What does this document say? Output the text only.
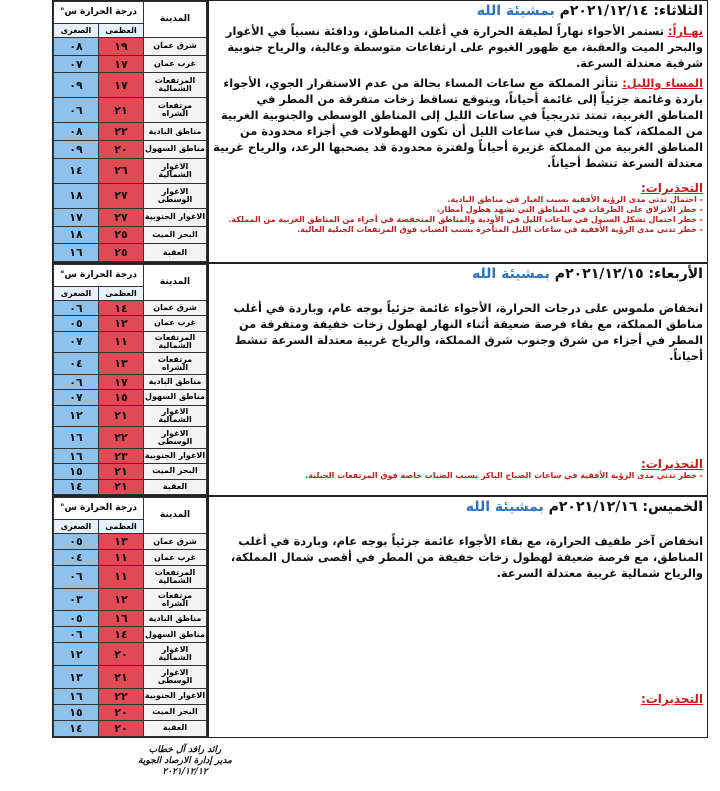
درجة الحرارة س°		المدينة
الصغرى	العظمى	
٠٨	١٩	شرق عمان
٠٧	١٧	غرب عمان
٠٩	١٧	المرتفعات الشمالية
٠٦	٢١	مرتفعات الشراه
٠٨	٢٢	مناطق البادية
٠٩	٢٠	مناطق السهول
١٤	٢٦	الاغوار الشمالية
١٨	٢٧	الاغوار الوسطى
١٧	٢٧	الاغوار الجنوبية
١٨	٢٥	البحر الميت
١٦	٢٥	العقبة
الثلاثاء: ٢٠٢١/١٢/١٤م بمشيئة الله
نهـاراً: تستمر الأجواء نهاراً لطيفة الحرارة في أغلب المناطق، ودافئة نسبياً في الأغوار والبحر الميت والعقبة، مع ظهور الغيوم على ارتفاعات متوسطة وعالية، والرياح جنوبية شرقية معتدلة السرعة.
المساء والليل: تتأثر المملكة مع ساعات المساء بحالة من عدم الاستقرار الجوي، الأجواء باردة وغائمة جزئياً إلى غائمة أحياناً، ويتوقع تساقط زخات متفرقة من المطر في المناطق الغربية، تمتد تدريجياً في ساعات الليل إلى المناطق الوسطى والجنوبية الغربية من المملكة، كما ويحتمل في ساعات الليل أن تكون الهطولات في أجزاء محدودة من المناطق الغربية من المملكة غزيرة أحياناً ولفترة محدودة قد يصحبها الرعد، والرياح غربية معتدلة السرعة تنشط أحياناً.
التحذيرات:
- احتمال تدني مدى الرؤية الأفقية بسبب الغبار في مناطق البادية.
- خطر الانزلاق على الطرقات في المناطق التي تشهد هطول أمطار.
- خطر احتمال تشكل السيول في ساعات الليل في الأودية والمناطق المنخفضة في أجزاء من المناطق الغربية من المملكة.
- خطر تدني مدى الرؤية الأفقية في ساعات الليل المتأخرة بسبب الضباب فوق المرتفعات الجبلية العالية.
درجة الحرارة س°		المدينة
الصغرى	العظمى	
٠٦	١٤	شرق عمان
٠٥	١٢	غرب عمان
٠٧	١١	المرتفعات الشمالية
٠٤	١٣	مرتفعات الشراه
٠٦	١٧	مناطق البادية
٠٧	١٥	مناطق السهول
١٢	٢١	الاغوار الشمالية
١٦	٢٢	الاغوار الوسطى
١٦	٢٣	الاغوار الجنوبية
١٥	٢١	البحر الميت
١٤	٢١	العقبة
الأربعاء: ٢٠٢١/١٢/١٥م بمشيئة الله
انخفاض ملموس على درجات الحرارة، الأجواء غائمة جزئياً بوجه عام، وباردة في أغلب مناطق المملكة، مع بقاء فرصة ضعيفة أثناء النهار لهطول زخات خفيفة ومتفرقة من المطر في أجزاء من شرق وجنوب شرق المملكة، والرياح غربية معتدلة السرعة تنشط أحياناً.
التحذيرات:
- خطر تدني مدى الرؤية الأفقية في ساعات الصباح الباكر بسبب الضباب خاصة فوق المرتفعات الجبلية.
درجة الحرارة س°		المدينة
الصغرى	العظمى	
٠٥	١٣	شرق عمان
٠٤	١١	غرب عمان
٠٦	١١	المرتفعات الشمالية
٠٣	١٢	مرتفعات الشراه
٠٥	١٦	مناطق البادية
٠٦	١٤	مناطق السهول
١٢	٢٠	الاغوار الشمالية
١٣	٢١	الاغوار الوسطى
١٦	٢٢	الاغوار الجنوبية
١٥	٢٠	البحر الميت
١٤	٢٠	العقبة
الخميس: ٢٠٢١/١٢/١٦م بمشيئة الله
انخفاض آخر طفيف الحرارة، مع بقاء الأجواء غائمة جزئياً بوجه عام، وباردة في أغلب المناطق، مع فرصة ضعيفة لهطول زخات خفيفة من المطر في أقصى شمال المملكة، والرياح شمالية غربية معتدلة السرعة.
التحذيرات:
رائد رافد آل خطاب
مدير إدارة الارصاد الجوية
٢٠٢١/١٢/١٢
